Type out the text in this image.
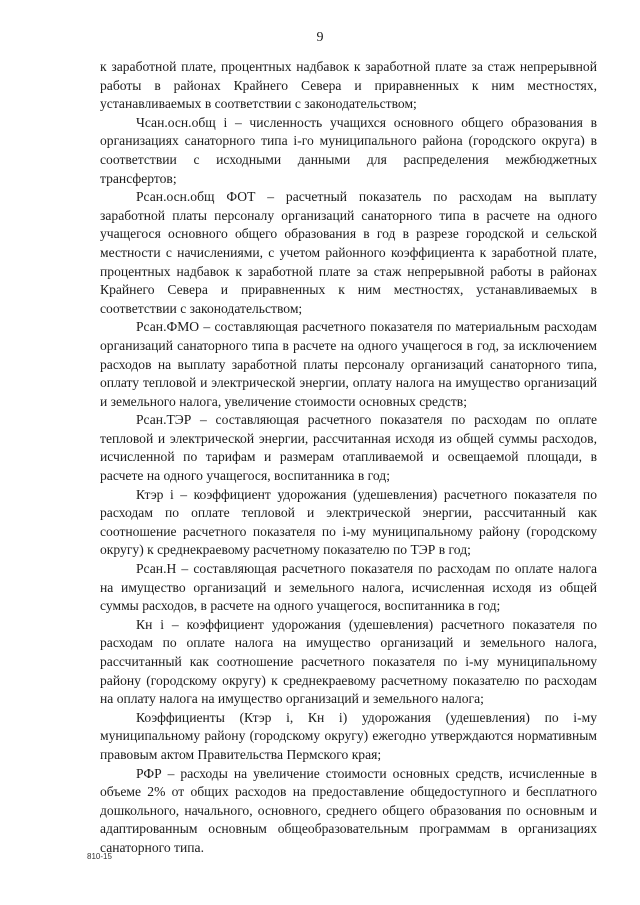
9

к заработной плате, процентных надбавок к заработной плате за стаж непрерывной работы в районах Крайнего Севера и приравненных к ним местностях, устанавливаемых в соответствии с законодательством;

Чсан.осн.общ i – численность учащихся основного общего образования в организациях санаторного типа i-го муниципального района (городского округа) в соответствии с исходными данными для распределения межбюджетных трансфертов;

Рсан.осн.общ ФОТ – расчетный показатель по расходам на выплату заработной платы персоналу организаций санаторного типа в расчете на одного учащегося основного общего образования в год в разрезе городской и сельской местности с начислениями, с учетом районного коэффициента к заработной плате, процентных надбавок к заработной плате за стаж непрерывной работы в районах Крайнего Севера и приравненных к ним местностях, устанавливаемых в соответствии с законодательством;

Рсан.ФМО – составляющая расчетного показателя по материальным расходам организаций санаторного типа в расчете на одного учащегося в год, за исключением расходов на выплату заработной платы персоналу организаций санаторного типа, оплату тепловой и электрической энергии, оплату налога на имущество организаций и земельного налога, увеличение стоимости основных средств;

Рсан.ТЭР – составляющая расчетного показателя по расходам по оплате тепловой и электрической энергии, рассчитанная исходя из общей суммы расходов, исчисленной по тарифам и размерам отапливаемой и освещаемой площади, в расчете на одного учащегося, воспитанника в год;

Ктэр i – коэффициент удорожания (удешевления) расчетного показателя по расходам по оплате тепловой и электрической энергии, рассчитанный как соотношение расчетного показателя по i-му муниципальному району (городскому округу) к среднекраевому расчетному показателю по ТЭР в год;

Рсан.Н – составляющая расчетного показателя по расходам по оплате налога на имущество организаций и земельного налога, исчисленная исходя из общей суммы расходов, в расчете на одного учащегося, воспитанника в год;

Кн i – коэффициент удорожания (удешевления) расчетного показателя по расходам по оплате налога на имущество организаций и земельного налога, рассчитанный как соотношение расчетного показателя по i-му муниципальному району (городскому округу) к среднекраевому расчетному показателю по расходам на оплату налога на имущество организаций и земельного налога;

Коэффициенты (Ктэр i, Кн i) удорожания (удешевления) по i-му муниципальному району (городскому округу) ежегодно утверждаются нормативным правовым актом Правительства Пермского края;

РФР – расходы на увеличение стоимости основных средств, исчисленные в объеме 2% от общих расходов на предоставление общедоступного и бесплатного дошкольного, начального, основного, среднего общего образования по основным и адаптированным основным общеобразовательным программам в организациях санаторного типа.

810-15
